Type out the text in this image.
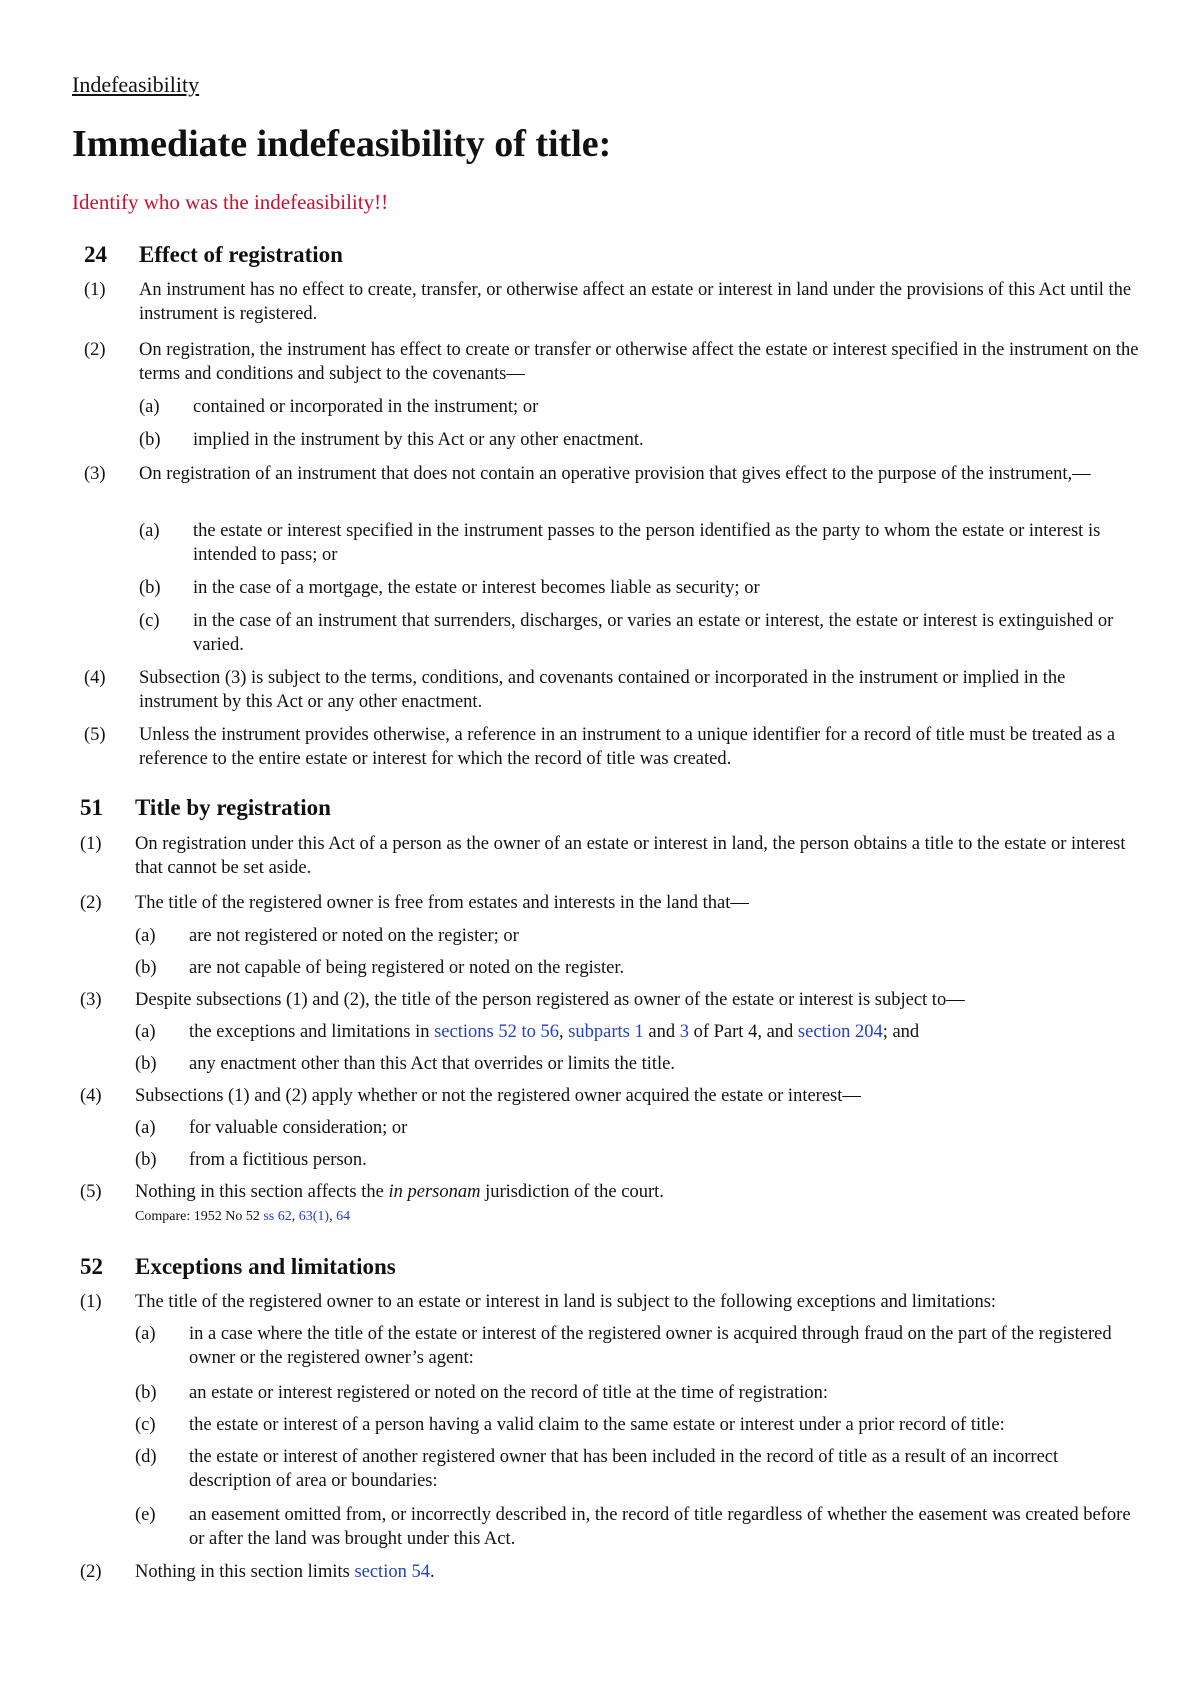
Indefeasibility
Immediate indefeasibility of title:
Identify who was the indefeasibility!!
24 Effect of registration
(1) An instrument has no effect to create, transfer, or otherwise affect an estate or interest in land under the provisions of this Act until the instrument is registered.
(2) On registration, the instrument has effect to create or transfer or otherwise affect the estate or interest specified in the instrument on the terms and conditions and subject to the covenants—
(a) contained or incorporated in the instrument; or
(b) implied in the instrument by this Act or any other enactment.
(3) On registration of an instrument that does not contain an operative provision that gives effect to the purpose of the instrument,—
(a) the estate or interest specified in the instrument passes to the person identified as the party to whom the estate or interest is intended to pass; or
(b) in the case of a mortgage, the estate or interest becomes liable as security; or
(c) in the case of an instrument that surrenders, discharges, or varies an estate or interest, the estate or interest is extinguished or varied.
(4) Subsection (3) is subject to the terms, conditions, and covenants contained or incorporated in the instrument or implied in the instrument by this Act or any other enactment.
(5) Unless the instrument provides otherwise, a reference in an instrument to a unique identifier for a record of title must be treated as a reference to the entire estate or interest for which the record of title was created.
51 Title by registration
(1) On registration under this Act of a person as the owner of an estate or interest in land, the person obtains a title to the estate or interest that cannot be set aside.
(2) The title of the registered owner is free from estates and interests in the land that—
(a) are not registered or noted on the register; or
(b) are not capable of being registered or noted on the register.
(3) Despite subsections (1) and (2), the title of the person registered as owner of the estate or interest is subject to—
(a) the exceptions and limitations in sections 52 to 56, subparts 1 and 3 of Part 4, and section 204; and
(b) any enactment other than this Act that overrides or limits the title.
(4) Subsections (1) and (2) apply whether or not the registered owner acquired the estate or interest—
(a) for valuable consideration; or
(b) from a fictitious person.
(5) Nothing in this section affects the in personam jurisdiction of the court.
Compare: 1952 No 52 ss 62, 63(1), 64
52 Exceptions and limitations
(1) The title of the registered owner to an estate or interest in land is subject to the following exceptions and limitations:
(a) in a case where the title of the estate or interest of the registered owner is acquired through fraud on the part of the registered owner or the registered owner’s agent:
(b) an estate or interest registered or noted on the record of title at the time of registration:
(c) the estate or interest of a person having a valid claim to the same estate or interest under a prior record of title:
(d) the estate or interest of another registered owner that has been included in the record of title as a result of an incorrect description of area or boundaries:
(e) an easement omitted from, or incorrectly described in, the record of title regardless of whether the easement was created before or after the land was brought under this Act.
(2) Nothing in this section limits section 54.
